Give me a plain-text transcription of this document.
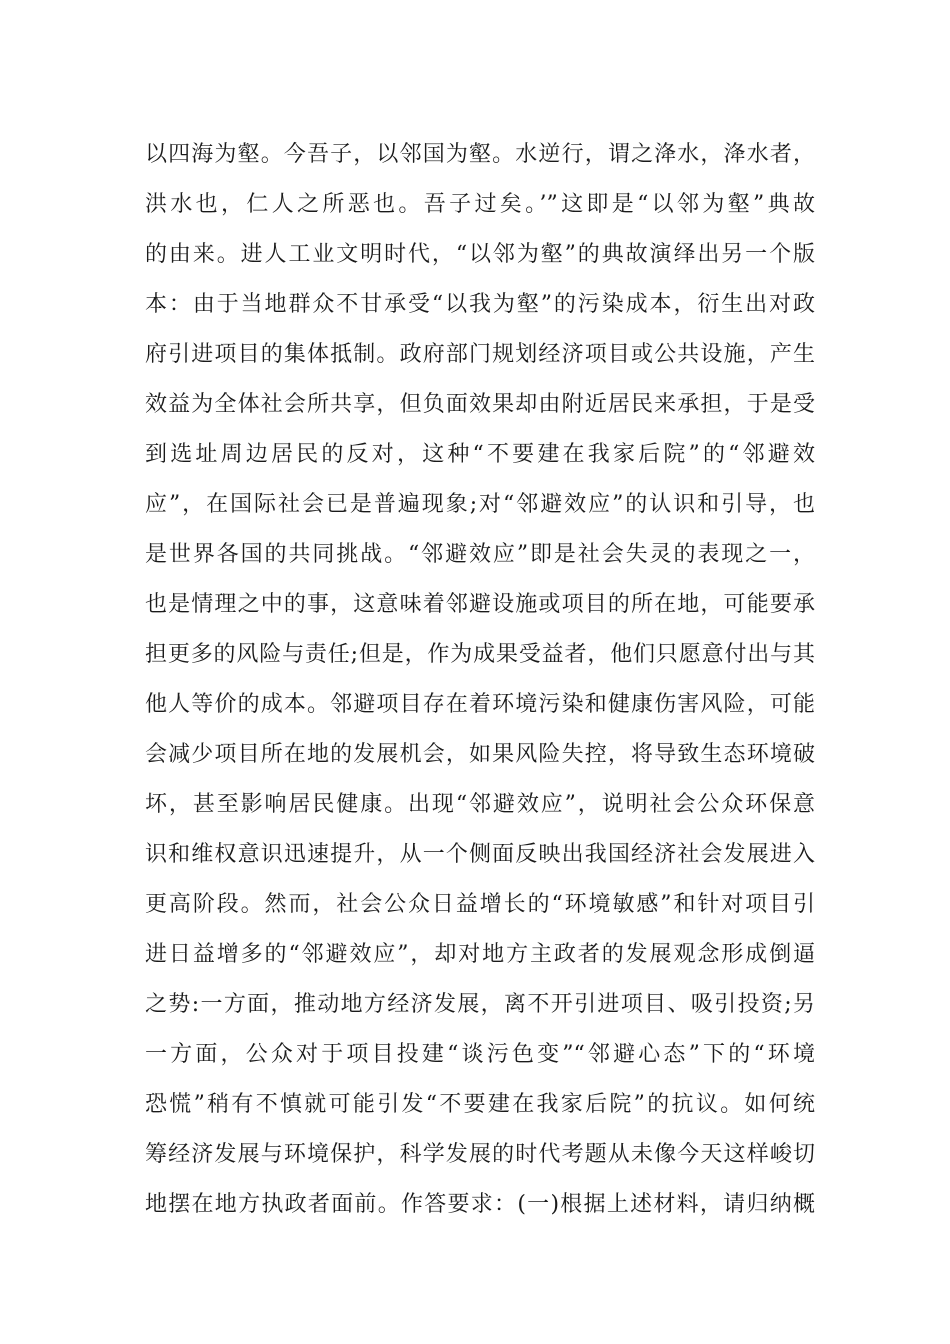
以四海为壑。今吾子，以邻国为壑。水逆行，谓之洚水，洚水者，
洪水也，仁人之所恶也。吾子过矣。’”这即是“以邻为壑”典故
的由来。进人工业文明时代，“以邻为壑”的典故演绎出另一个版
本：由于当地群众不甘承受“以我为壑”的污染成本，衍生出对政
府引进项目的集体抵制。政府部门规划经济项目或公共设施，产生
效益为全体社会所共享，但负面效果却由附近居民来承担，于是受
到选址周边居民的反对，这种“不要建在我家后院”的“邻避效
应”，在国际社会已是普遍现象;对“邻避效应”的认识和引导，也
是世界各国的共同挑战。“邻避效应”即是社会失灵的表现之一，
也是情理之中的事，这意味着邻避设施或项目的所在地，可能要承
担更多的风险与责任;但是，作为成果受益者，他们只愿意付出与其
他人等价的成本。邻避项目存在着环境污染和健康伤害风险，可能
会减少项目所在地的发展机会，如果风险失控，将导致生态环境破
坏，甚至影响居民健康。出现“邻避效应”，说明社会公众环保意
识和维权意识迅速提升，从一个侧面反映出我国经济社会发展进入
更高阶段。然而，社会公众日益增长的“环境敏感”和针对项目引
进日益增多的“邻避效应”，却对地方主政者的发展观念形成倒逼
之势:一方面，推动地方经济发展，离不开引进项目、吸引投资;另
一方面，公众对于项目投建“谈污色变”“邻避心态”下的“环境
恐慌”稍有不慎就可能引发“不要建在我家后院”的抗议。如何统
筹经济发展与环境保护，科学发展的时代考题从未像今天这样峻切
地摆在地方执政者面前。作答要求：(一)根据上述材料，请归纳概
